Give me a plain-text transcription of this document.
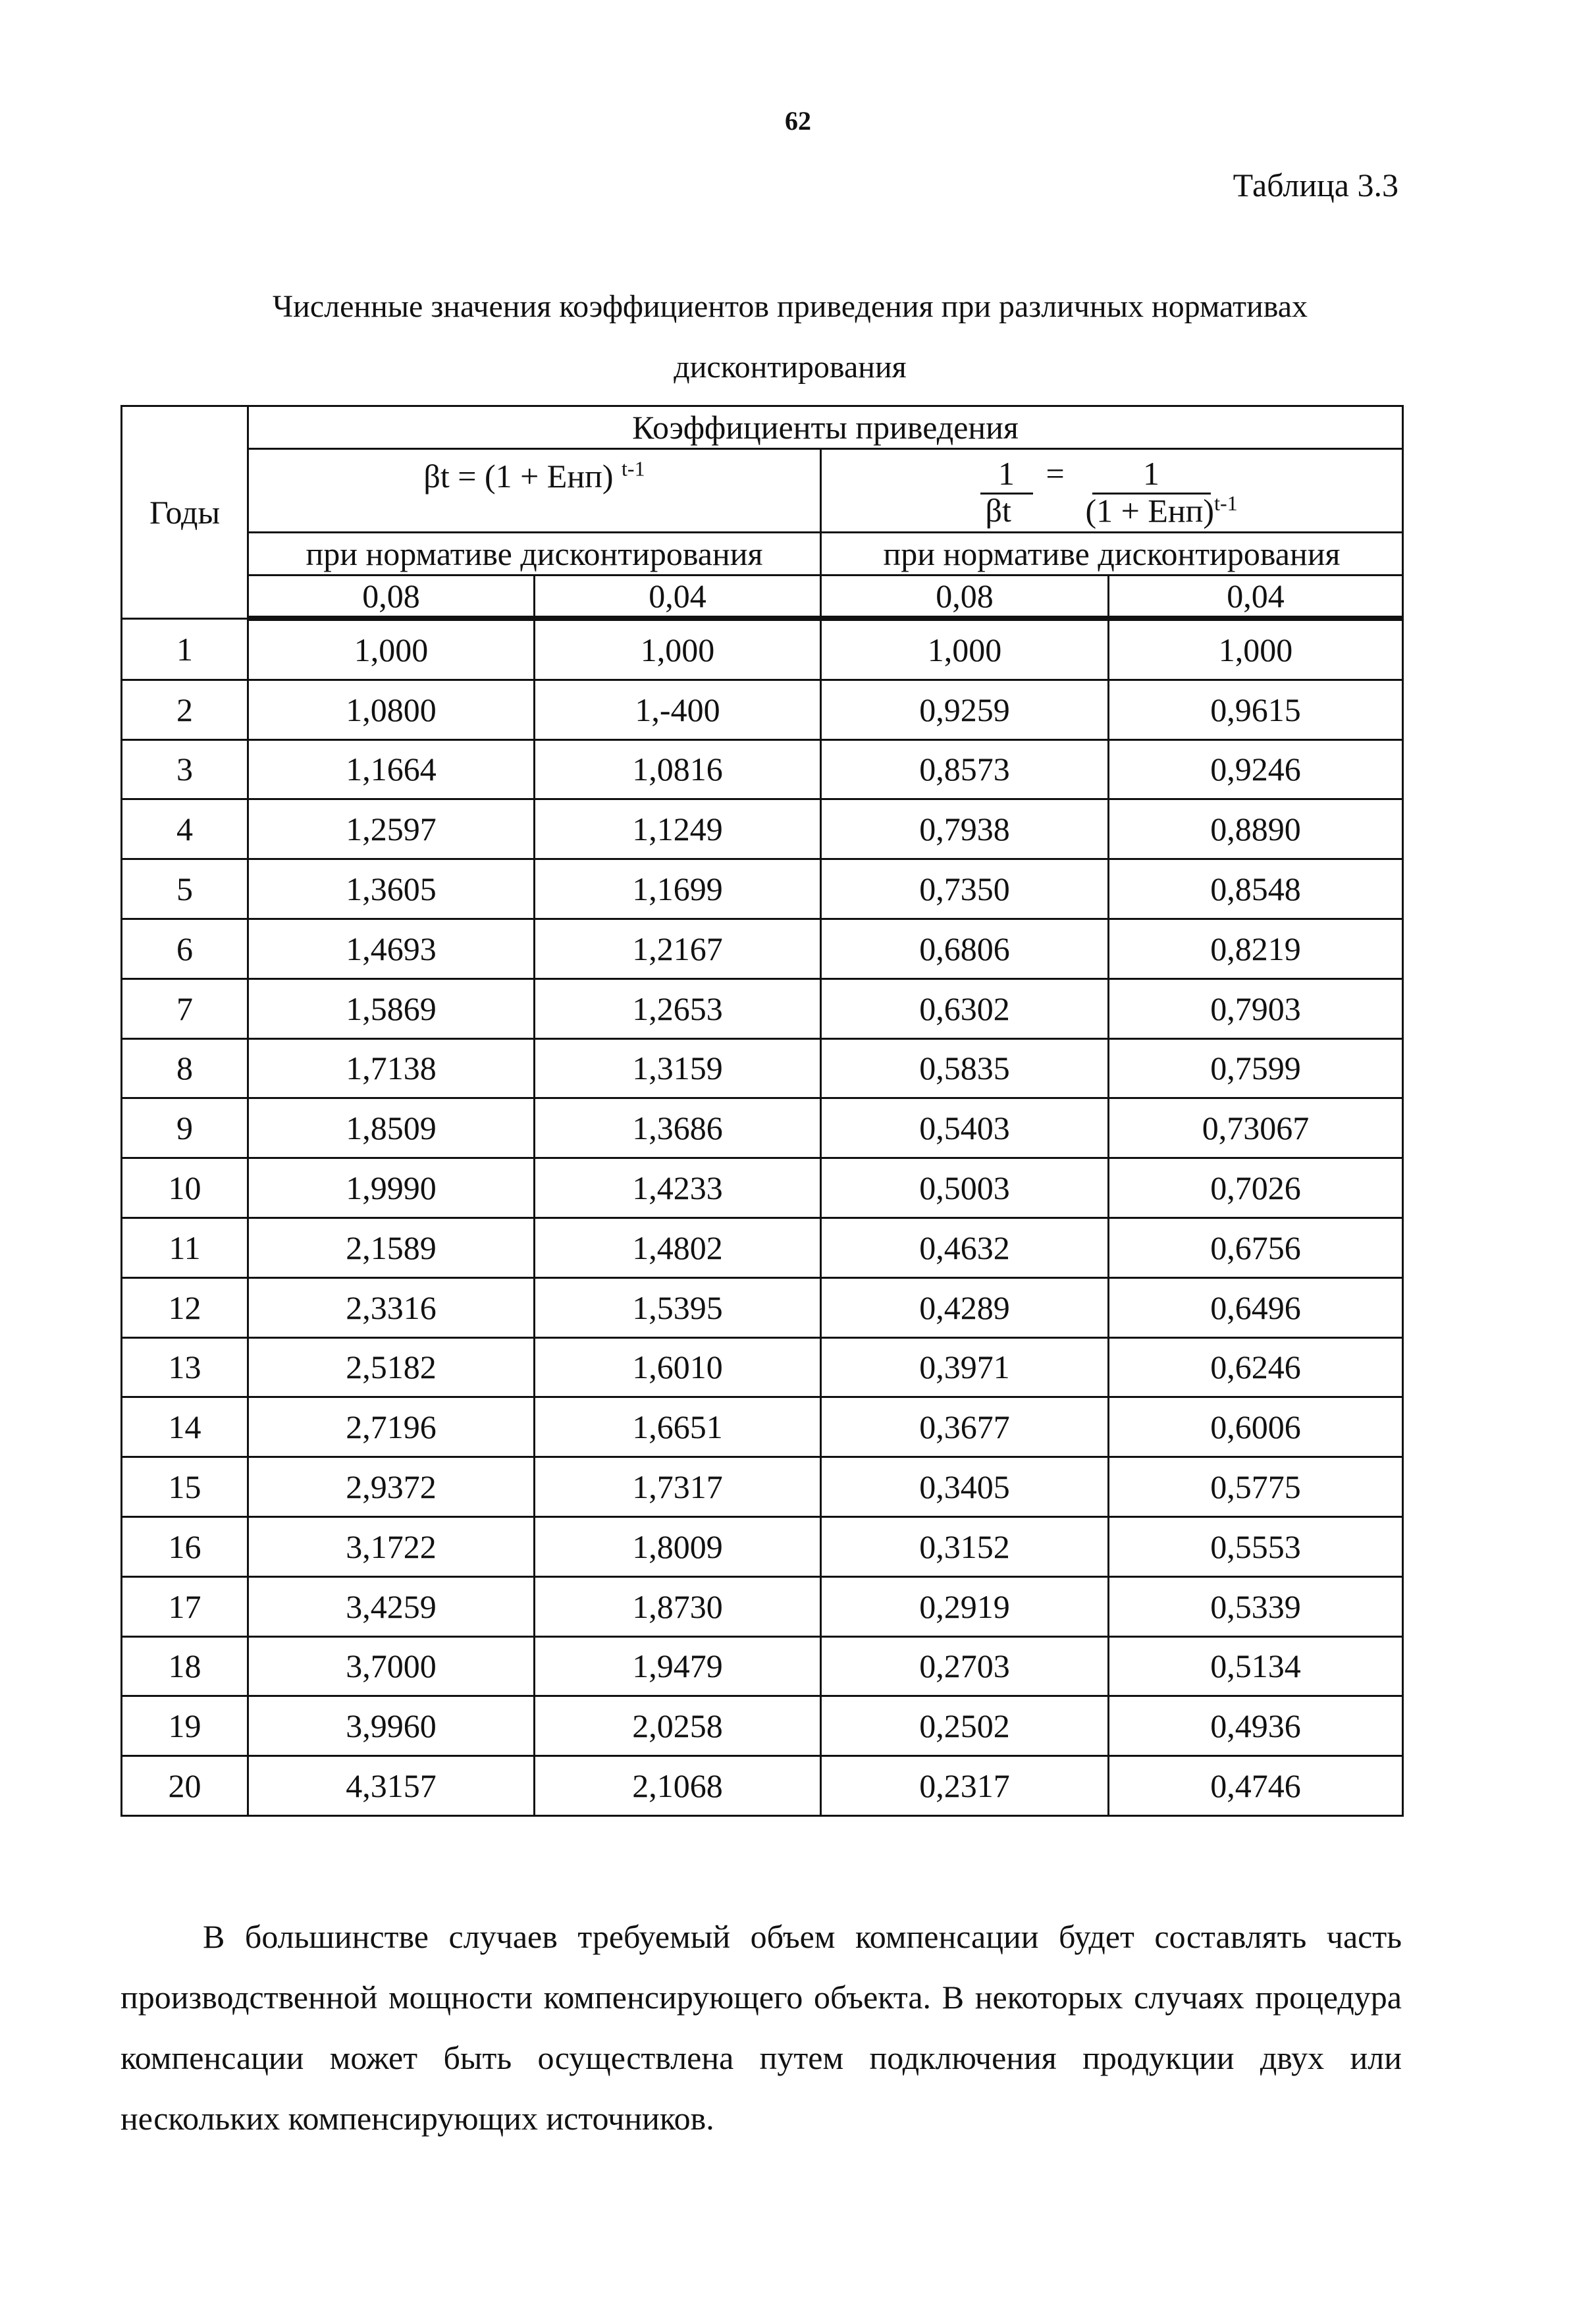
62
Таблица 3.3
Численные значения коэффициентов приведения при различных нормативах дисконтирования
Годы	Коэффициенты приведения			
	βt = (1 + Eнп) $^{t-1}$		1 = 1
βt (1 + Eнп)$^{t-1}$

	при нормативе дисконтирования		при нормативе дисконтирования	
	0,08	0,04	0,08	0,04
1	1,000	1,000	1,000	1,000
2	1,0800	1,-400	0,9259	0,9615
3	1,1664	1,0816	0,8573	0,9246
4	1,2597	1,1249	0,7938	0,8890
5	1,3605	1,1699	0,7350	0,8548
6	1,4693	1,2167	0,6806	0,8219
7	1,5869	1,2653	0,6302	0,7903
8	1,7138	1,3159	0,5835	0,7599
9	1,8509	1,3686	0,5403	0,73067
10	1,9990	1,4233	0,5003	0,7026
11	2,1589	1,4802	0,4632	0,6756
12	2,3316	1,5395	0,4289	0,6496
13	2,5182	1,6010	0,3971	0,6246
14	2,7196	1,6651	0,3677	0,6006
15	2,9372	1,7317	0,3405	0,5775
16	3,1722	1,8009	0,3152	0,5553
17	3,4259	1,8730	0,2919	0,5339
18	3,7000	1,9479	0,2703	0,5134
19	3,9960	2,0258	0,2502	0,4936
20	4,3157	2,1068	0,2317	0,4746
В большинстве случаев требуемый объем компенсации будет составлять часть производственной мощности компенсирующего объекта. В некоторых случаях процедура компенсации может быть осуществлена путем подключения продукции двух или нескольких компенсирующих источников.
